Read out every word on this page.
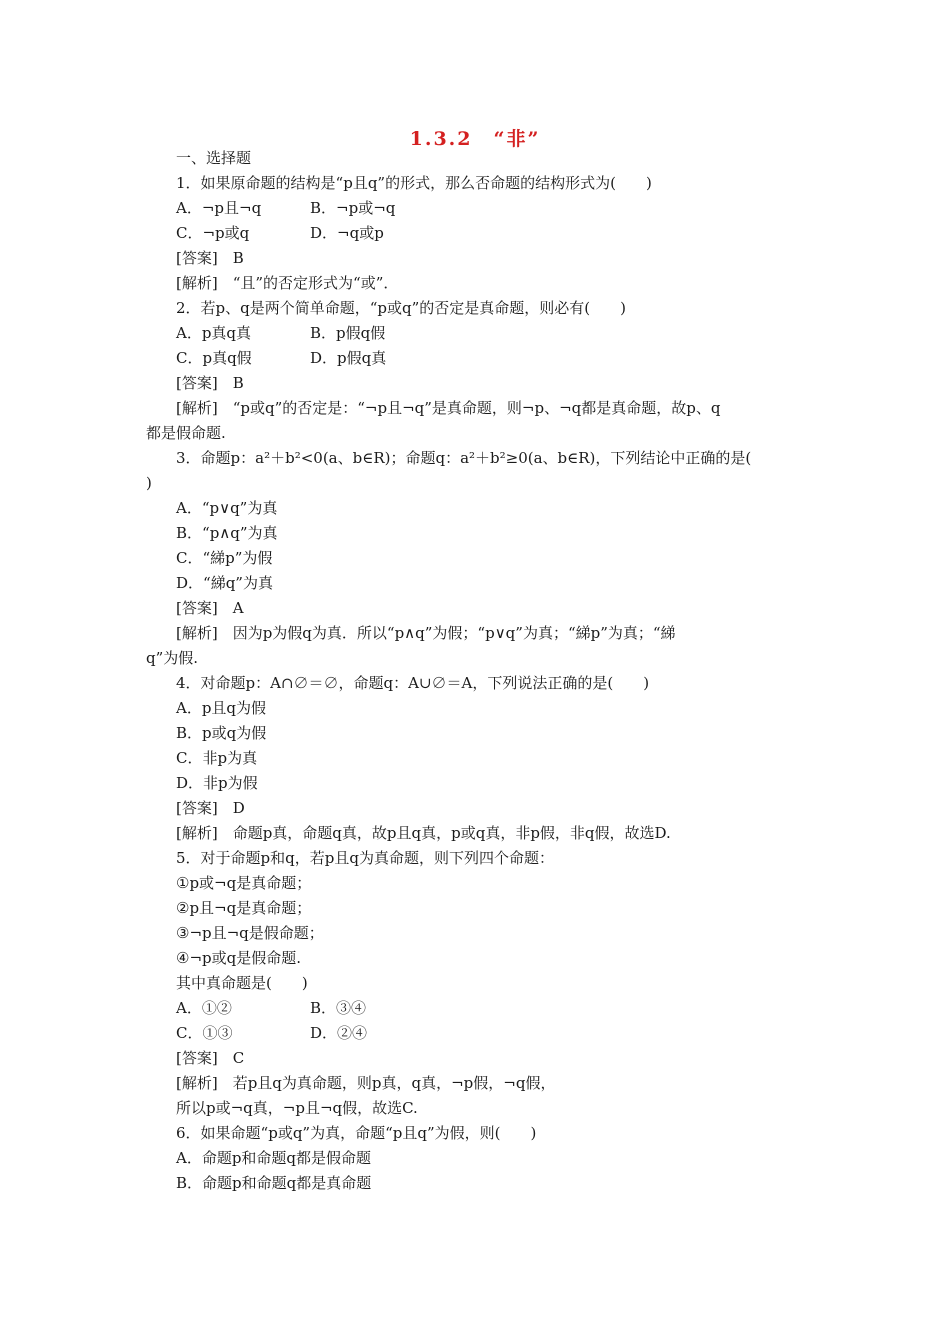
1.3.2　“非”
一、选择题
1．如果原命题的结构是“p且q”的形式，那么否命题的结构形式为(　　)
A．¬p且¬q	B．¬p或¬q
C．¬p或q	D．¬q或p
[答案]　B
[解析]　“且”的否定形式为“或”．
2．若p、q是两个简单命题，“p或q”的否定是真命题，则必有(　　)
A．p真q真	B．p假q假
C．p真q假	D．p假q真
[答案]　B
[解析]　“p或q”的否定是：“¬p且¬q”是真命题，则¬p、¬q都是真命题，故p、q
都是假命题.
3．命题p：a²＋b²<0(a、b∈R)；命题q：a²＋b²≥0(a、b∈R)，下列结论中正确的是(
)
A．“p∨q”为真
B．“p∧q”为真
C．“綈p”为假
D．“綈q”为真
[答案]　A
[解析]　因为p为假q为真．所以“p∧q”为假；“p∨q”为真；“綈p”为真；“綈
q”为假.
4．对命题p：A∩∅＝∅，命题q：A∪∅＝A，下列说法正确的是(　　)
A．p且q为假
B．p或q为假
C．非p为真
D．非p为假
[答案]　D
[解析]　命题p真，命题q真，故p且q真，p或q真，非p假，非q假，故选D.
5．对于命题p和q，若p且q为真命题，则下列四个命题：
①p或¬q是真命题；
②p且¬q是真命题；
③¬p且¬q是假命题；
④¬p或q是假命题.
其中真命题是(　　)
A．①②	B．③④
C．①③	D．②④
[答案]　C
[解析]　若p且q为真命题，则p真，q真，¬p假，¬q假，
所以p或¬q真，¬p且¬q假，故选C.
6．如果命题“p或q”为真，命题“p且q”为假，则(　　)
A．命题p和命题q都是假命题
B．命题p和命题q都是真命题
